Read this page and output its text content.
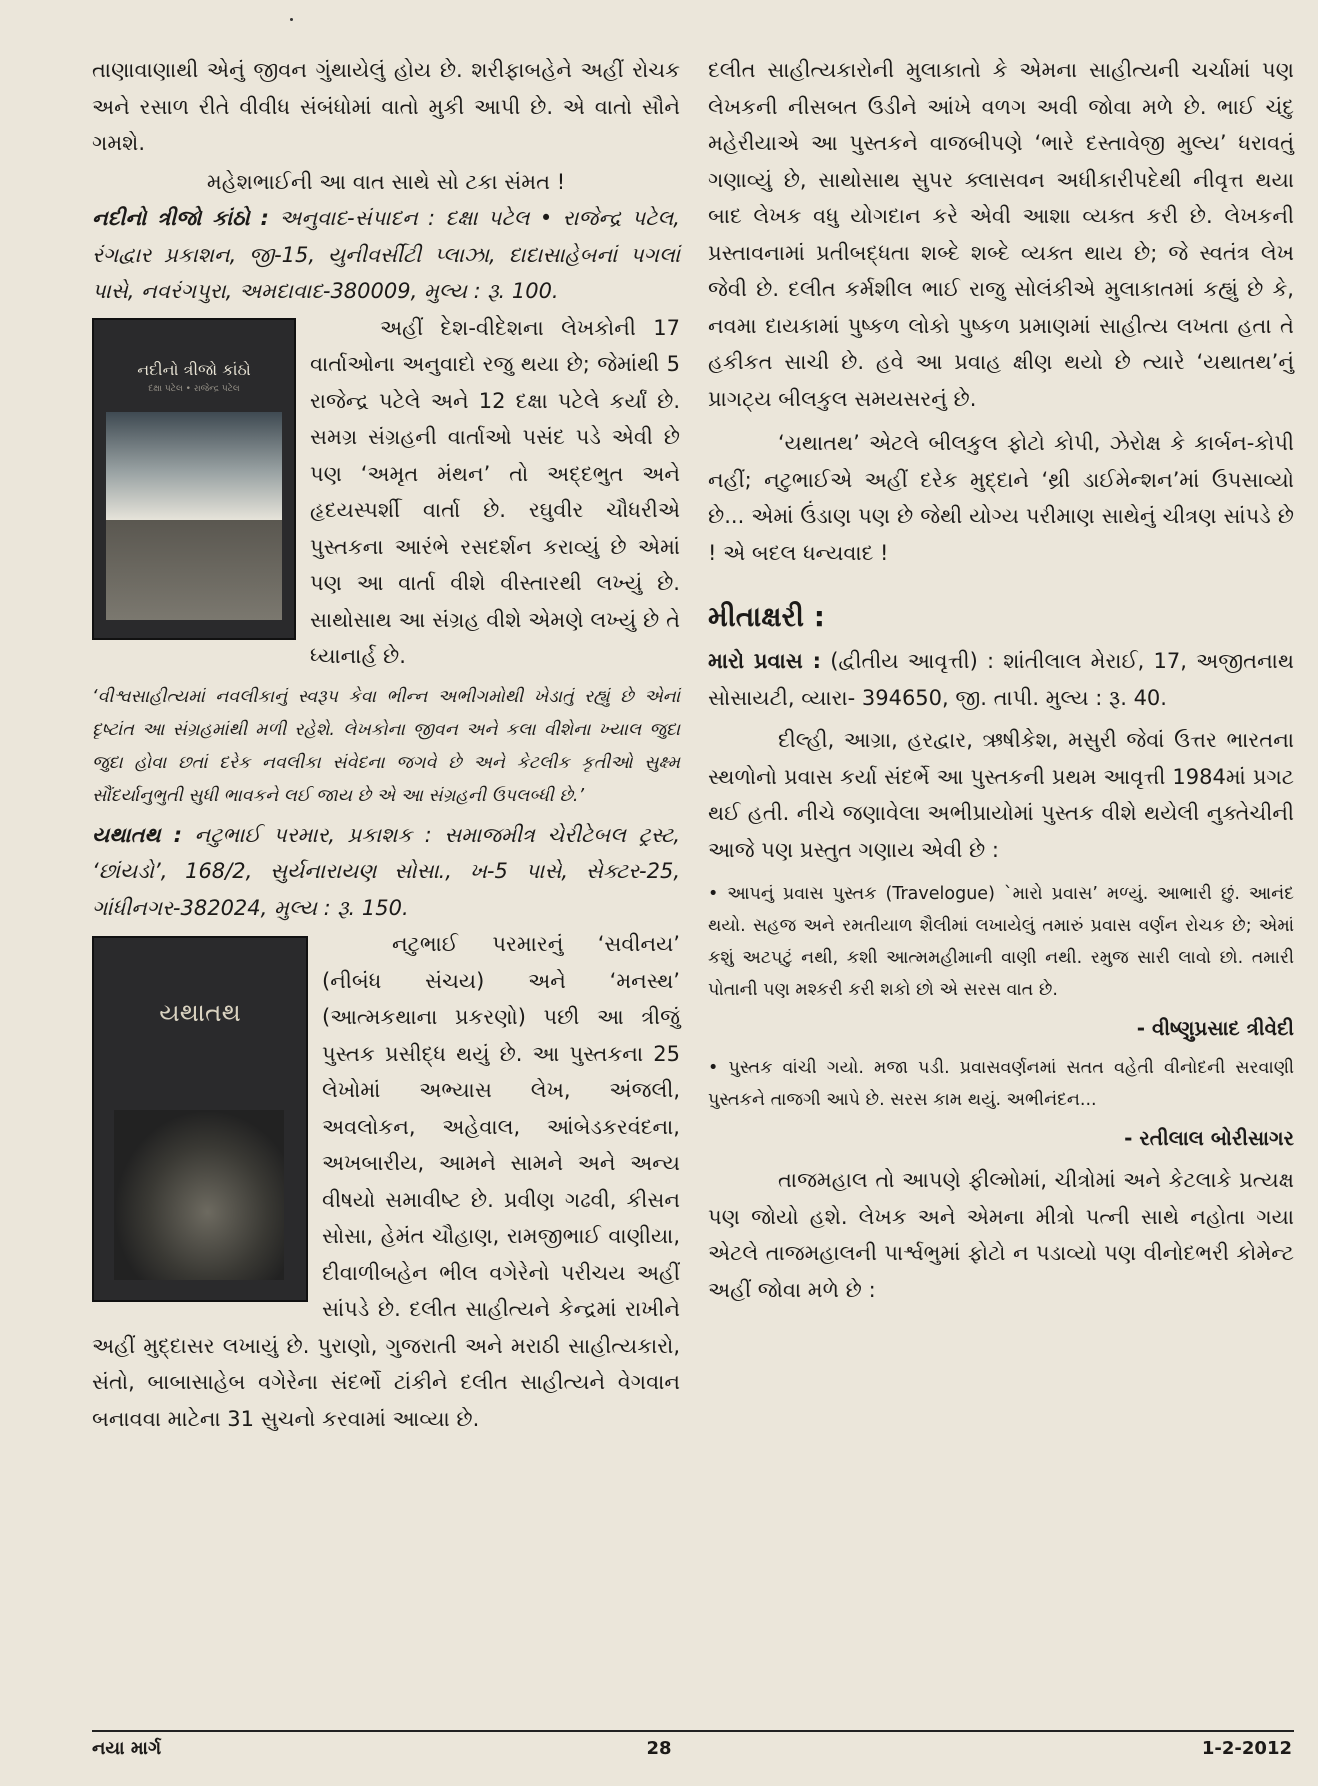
તાણાવાણાથી એનું જીવન ગુંથાયેલું હોય છે. શરીફાબહેને અહીં રોચક અને રસાળ રીતે વીવીધ સંબંધોમાં વાતો મુકી આપી છે. એ વાતો સૌને ગમશે.

મહેશભાઈની આ વાત સાથે સો ટકા સંમત !

નદીનો ત્રીજો કાંઠો : અનુવાદ-સંપાદન : દક્ષા પટેલ • રાજેન્દ્ર પટેલ, રંગદ્વાર પ્રકાશન, જી-15, યુનીવર્સીટી પ્લાઝા, દાદાસાહેબનાં પગલાં પાસે, નવરંગપુરા, અમદાવાદ-380009, મુલ્ય : રૂ. 100.

નદીનો ત્રીજો કાંઠો
દક્ષા પટેલ • રાજેન્દ્ર પટેલ

અહીં દેશ-વીદેશના લેખકોની 17 વાર્તાઓના અનુવાદો રજુ થયા છે; જેમાંથી 5 રાજેન્દ્ર પટેલે અને 12 દક્ષા પટેલે કર્યાં છે. સમગ્ર સંગ્રહની વાર્તાઓ પસંદ પડે એવી છે પણ ‘અમૃત મંથન’ તો અદ્દભુત અને હૃદયસ્પર્શી વાર્તા છે. રઘુવીર ચૌધરીએ પુસ્તકના આરંભે રસદર્શન કરાવ્યું છે એમાં પણ આ વાર્તા વીશે વીસ્તારથી લખ્યું છે. સાથોસાથ આ સંગ્રહ વીશે એમણે લખ્યું છે તે ધ્યાનાર્હ છે.

‘વીશ્વસાહીત્યમાં નવલીકાનું સ્વરૂપ કેવા ભીન્ન અભીગમોથી ખેડાતું રહ્યું છે એનાં દૃષ્ટાંત આ સંગ્રહમાંથી મળી રહેશે. લેખકોના જીવન અને કલા વીશેના ખ્યાલ જુદા જુદા હોવા છતાં દરેક નવલીકા સંવેદના જગવે છે અને કેટલીક કૃતીઓ સુક્ષ્મ સૌંદર્યાનુભુતી સુધી ભાવકને લઈ જાય છે એ આ સંગ્રહની ઉપલબ્ધી છે.’

યથાતથ : નટુભાઈ પરમાર, પ્રકાશક : સમાજમીત્ર ચેરીટેબલ ટ્રસ્ટ, ‘છાંયડો’, 168/2, સુર્યનારાયણ સોસા., ખ-5 પાસે, સેક્ટર-25, ગાંધીનગર-382024, મુલ્ય : રૂ. 150.

યથાતથ

નટુભાઈ પરમારનું ‘સવીનય’ (નીબંધ સંચય) અને ‘મનસ્થ’ (આત્મકથાના પ્રકરણો) પછી આ ત્રીજું પુસ્તક પ્રસીદ્ધ થયું છે. આ પુસ્તકના 25 લેખોમાં અભ્યાસ લેખ, અંજલી, અવલોકન, અહેવાલ, આંબેડકરવંદના, અખબારીય, આમને સામને અને અન્ય વીષયો સમાવીષ્ટ છે. પ્રવીણ ગઢવી, કીસન સોસા, હેમંત ચૌહાણ, રામજીભાઈ વાણીયા, દીવાળીબહેન ભીલ વગેરેનો પરીચય અહીં સાંપડે છે. દલીત સાહીત્યને કેન્દ્રમાં રાખીને અહીં મુદ્દાસર લખાયું છે. પુરાણો, ગુજરાતી અને મરાઠી સાહીત્યકારો, સંતો, બાબાસાહેબ વગેરેના સંદર્ભો ટાંકીને દલીત સાહીત્યને વેગવાન બનાવવા માટેના 31 સુચનો કરવામાં આવ્યા છે.

દલીત સાહીત્યકારોની મુલાકાતો કે એમના સાહીત્યની ચર્ચામાં પણ લેખકની નીસબત ઉડીને આંખે વળગ અવી જોવા મળે છે. ભાઈ ચંદુ મહેરીયાએ આ પુસ્તકને વાજબીપણે ‘ભારે દસ્તાવેજી મુલ્ય’ ધરાવતું ગણાવ્યું છે, સાથોસાથ સુપર ક્લાસવન અધીકારીપદેથી નીવૃત્ત થયા બાદ લેખક વધુ યોગદાન કરે એવી આશા વ્યક્ત કરી છે. લેખકની પ્રસ્તાવનામાં પ્રતીબદ્ધતા શબ્દે શબ્દે વ્યક્ત થાય છે; જે સ્વતંત્ર લેખ જેવી છે. દલીત કર્મશીલ ભાઈ રાજુ સોલંકીએ મુલાકાતમાં કહ્યું છે કે, નવમા દાયકામાં પુષ્કળ લોકો પુષ્કળ પ્રમાણમાં સાહીત્ય લખતા હતા તે હકીકત સાચી છે. હવે આ પ્રવાહ ક્ષીણ થયો છે ત્યારે ‘યથાતથ’નું પ્રાગટ્ય બીલકુલ સમયસરનું છે.

‘યથાતથ’ એટલે બીલકુલ ફોટો કોપી, ઝેરોક્ષ કે કાર્બન-કોપી નહીં; નટુભાઈએ અહીં દરેક મુદ્દાને ‘થ્રી ડાઈમેન્શન’માં ઉપસાવ્યો છે... એમાં ઉંડાણ પણ છે જેથી યોગ્ય પરીમાણ સાથેનું ચીત્રણ સાંપડે છે ! એ બદલ ધન્યવાદ !

મીતાક્ષરી :

મારો પ્રવાસ : (દ્વીતીય આવૃત્તી) : શાંતીલાલ મેરાઈ, 17, અજીતનાથ સોસાયટી, વ્યારા- 394650, જી. તાપી. મુલ્ય : રૂ. 40.

દીલ્હી, આગ્રા, હરદ્વાર, ઋષીકેશ, મસુરી જેવાં ઉત્તર ભારતના સ્થળોનો પ્રવાસ કર્યા સંદર્ભે આ પુસ્તકની પ્રથમ આવૃત્તી 1984માં પ્રગટ થઈ હતી. નીચે જણાવેલા અભીપ્રાયોમાં પુસ્તક વીશે થયેલી નુક્તેચીની આજે પણ પ્રસ્તુત ગણાય એવી છે :

• આપનું પ્રવાસ પુસ્તક (Travelogue) `મારો પ્રવાસ’ મળ્યું. આભારી છું. આનંદ થયો. સહજ અને રમતીયાળ શૈલીમાં લખાયેલું તમારું પ્રવાસ વર્ણન રોચક છે; એમાં કશું અટપટું નથી, કશી આત્મમહીમાની વાણી નથી. રમુજ સારી લાવો છો. તમારી પોતાની પણ મશ્કરી કરી શકો છો એ સરસ વાત છે.

- વીષ્ણુપ્રસાદ ત્રીવેદી

• પુસ્તક વાંચી ગયો. મજા પડી. પ્રવાસવર્ણનમાં સતત વહેતી વીનોદની સરવાણી પુસ્તકને તાજગી આપે છે. સરસ કામ થયું. અભીનંદન...

- રતીલાલ બોરીસાગર

તાજમહાલ તો આપણે ફીલ્મોમાં, ચીત્રોમાં અને કેટલાકે પ્રત્યક્ષ પણ જોયો હશે. લેખક અને એમના મીત્રો પત્ની સાથે નહોતા ગયા એટલે તાજમહાલની પાર્શ્વભુમાં ફોટો ન પડાવ્યો પણ વીનોદભરી કોમેન્ટ અહીં જોવા મળે છે :

નયા માર્ગ	28	1-2-2012
